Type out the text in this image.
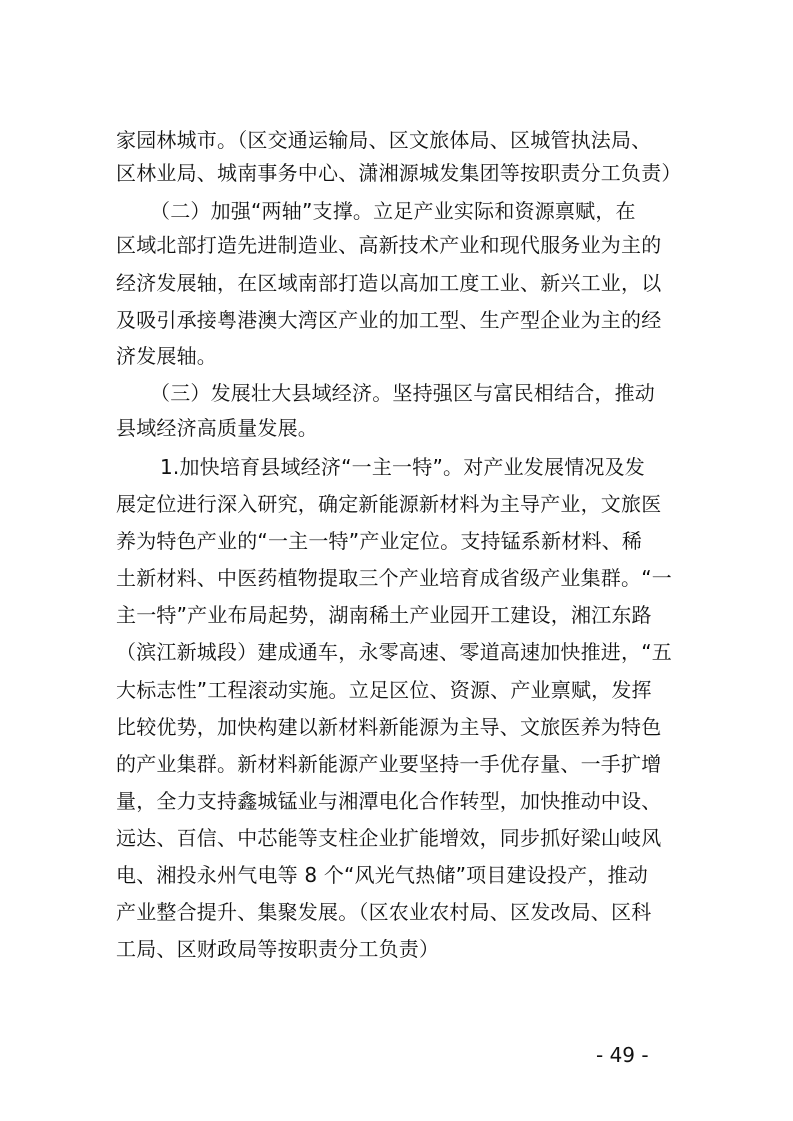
家园林城市。（区交通运输局、区文旅体局、区城管执法局、
区林业局、城南事务中心、潇湘源城发集团等按职责分工负责）
（二）加强“两轴”支撑。立足产业实际和资源禀赋，在
区域北部打造先进制造业、高新技术产业和现代服务业为主的
经济发展轴，在区域南部打造以高加工度工业、新兴工业，以
及吸引承接粤港澳大湾区产业的加工型、生产型企业为主的经
济发展轴。
（三）发展壮大县域经济。坚持强区与富民相结合，推动
县域经济高质量发展。
1.加快培育县域经济“一主一特”。对产业发展情况及发
展定位进行深入研究，确定新能源新材料为主导产业，文旅医
养为特色产业的“一主一特”产业定位。支持锰系新材料、稀
土新材料、中医药植物提取三个产业培育成省级产业集群。“一
主一特”产业布局起势，湖南稀土产业园开工建设，湘江东路
（滨江新城段）建成通车，永零高速、零道高速加快推进，“五
大标志性”工程滚动实施。立足区位、资源、产业禀赋，发挥
比较优势，加快构建以新材料新能源为主导、文旅医养为特色
的产业集群。新材料新能源产业要坚持一手优存量、一手扩增
量，全力支持鑫城锰业与湘潭电化合作转型，加快推动中设、
远达、百信、中芯能等支柱企业扩能增效，同步抓好梁山岐风
电、湘投永州气电等 8 个“风光气热储”项目建设投产，推动
产业整合提升、集聚发展。（区农业农村局、区发改局、区科
工局、区财政局等按职责分工负责）
- 49 -
